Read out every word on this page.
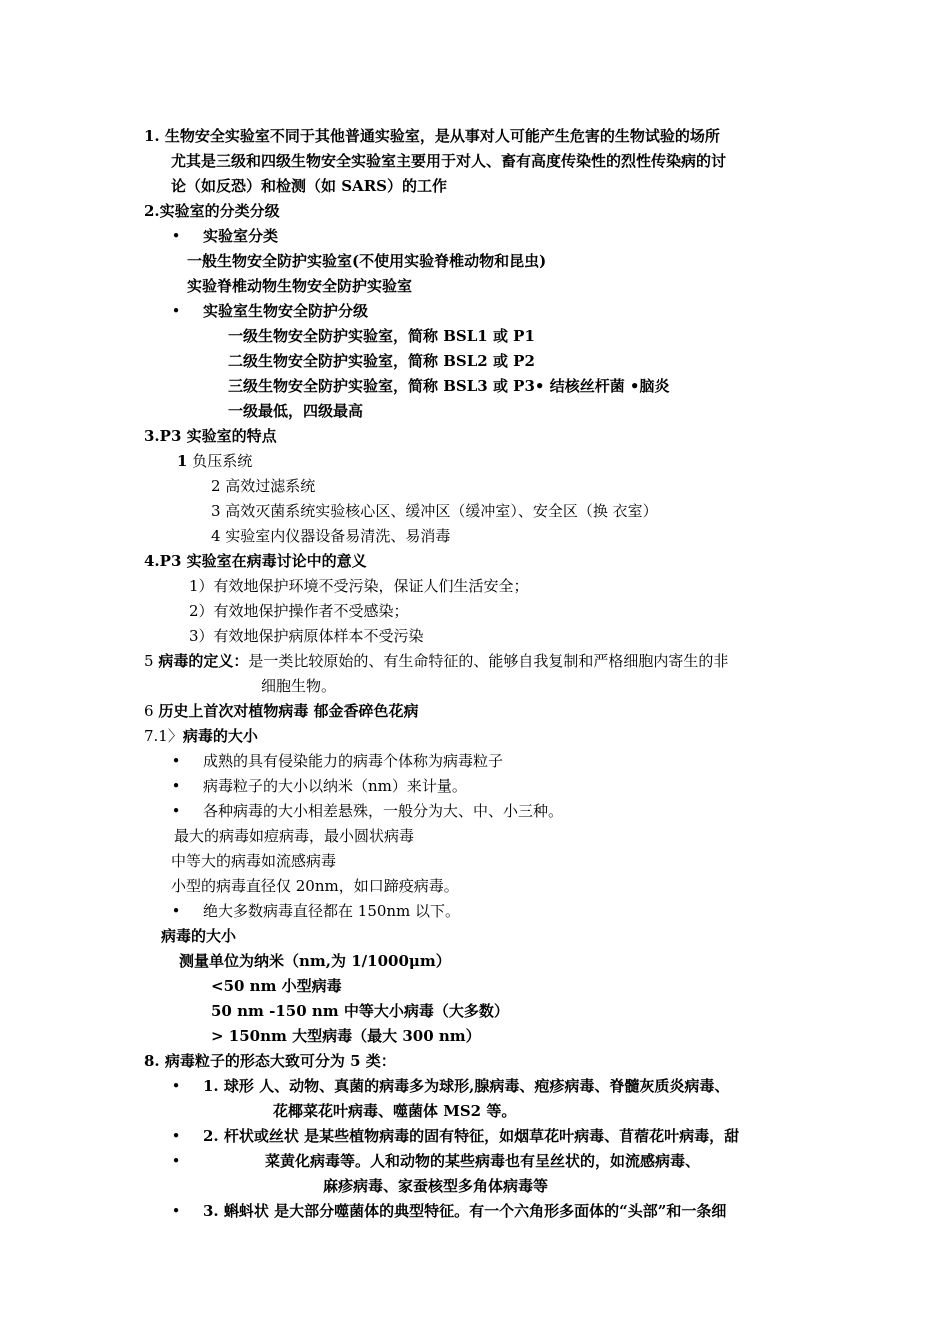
1. 生物安全实验室不同于其他普通实验室，是从事对人可能产生危害的生物试验的场所
尤其是三级和四级生物安全实验室主要用于对人、畜有高度传染性的烈性传染病的讨
论（如反恐）和检测（如 SARS）的工作
2.实验室的分类分级
• 实验室分类
一般生物安全防护实验室(不使用实验脊椎动物和昆虫)
实验脊椎动物生物安全防护实验室
• 实验室生物安全防护分级
一级生物安全防护实验室，简称 BSL1 或 P1
二级生物安全防护实验室，简称 BSL2 或 P2
三级生物安全防护实验室，简称 BSL3 或 P3• 结核丝杆菌 •脑炎
一级最低，四级最高
3.P3 实验室的特点
1 负压系统
2 高效过滤系统
3 高效灭菌系统实验核心区、缓冲区（缓冲室）、安全区（换 衣室）
4 实验室内仪器设备易清洗、易消毒
4.P3 实验室在病毒讨论中的意义
1）有效地保护环境不受污染，保证人们生活安全；
2）有效地保护操作者不受感染；
3）有效地保护病原体样本不受污染
5 病毒的定义：是一类比较原始的、有生命特征的、能够自我复制和严格细胞内寄生的非
细胞生物。
6 历史上首次对植物病毒 郁金香碎色花病
7.1〉病毒的大小
• 成熟的具有侵染能力的病毒个体称为病毒粒子
• 病毒粒子的大小以纳米（nm）来计量。
• 各种病毒的大小相差悬殊，一般分为大、中、小三种。
最大的病毒如痘病毒，最小圆状病毒
中等大的病毒如流感病毒
小型的病毒直径仅 20nm，如口蹄疫病毒。
• 绝大多数病毒直径都在 150nm 以下。
病毒的大小
测量单位为纳米（nm,为 1/1000μm）
<50 nm 小型病毒
50 nm -150 nm 中等大小病毒（大多数）
> 150nm 大型病毒（最大 300 nm）
8. 病毒粒子的形态大致可分为 5 类：
• 1. 球形 人、动物、真菌的病毒多为球形,腺病毒、疱疹病毒、脊髓灰质炎病毒、
花椰菜花叶病毒、噬菌体 MS2 等。
• 2. 杆状或丝状 是某些植物病毒的固有特征，如烟草花叶病毒、苜蓿花叶病毒，甜
•	菜黄化病毒等。人和动物的某些病毒也有呈丝状的，如流感病毒、
麻疹病毒、家蚕核型多角体病毒等
• 3. 蝌蚪状 是大部分噬菌体的典型特征。有一个六角形多面体的“头部”和一条细
